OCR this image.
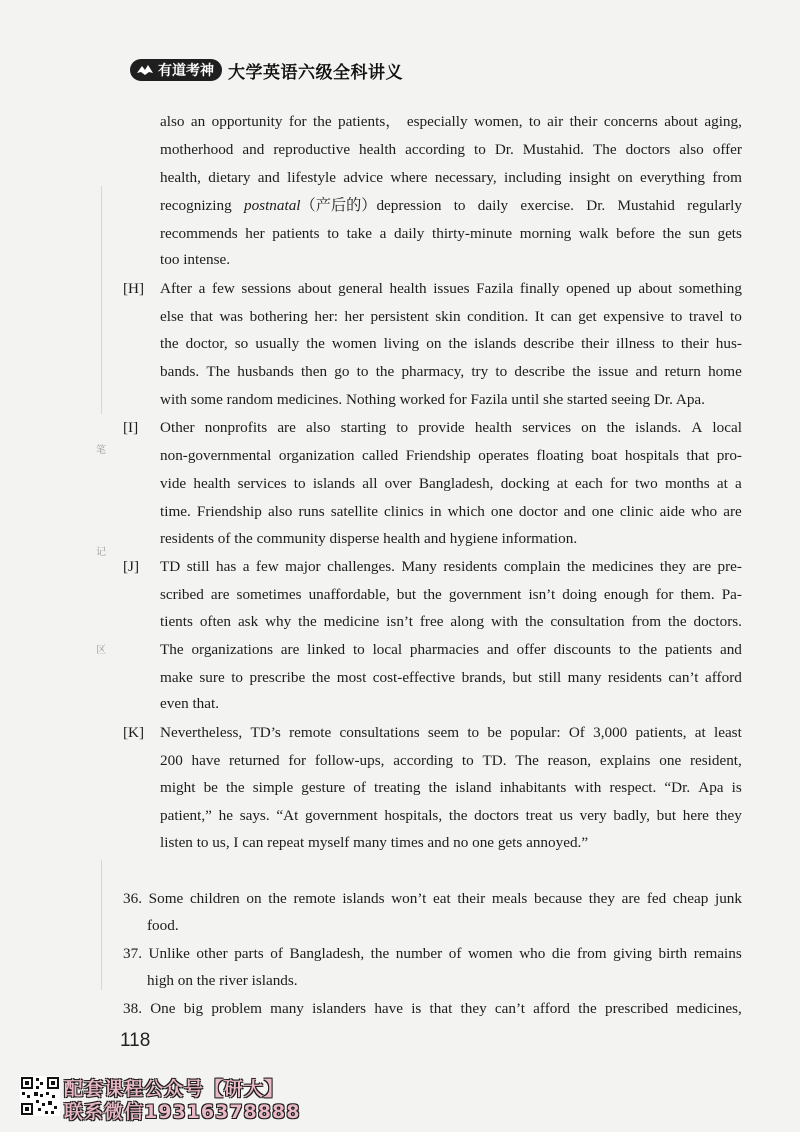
有道考神 大学英语六级全科讲义
笔
记
区
also an opportunity for the patients， especially women, to air their concerns about aging,
motherhood and reproductive health according to Dr. Mustahid. The doctors also offer
health, dietary and lifestyle advice where necessary, including insight on everything from
recognizing postnatal（产后的）depression to daily exercise. Dr. Mustahid regularly
recommends her patients to take a daily thirty-minute morning walk before the sun gets
too intense.
[H] After a few sessions about general health issues Fazila finally opened up about something
else that was bothering her: her persistent skin condition. It can get expensive to travel to
the doctor, so usually the women living on the islands describe their illness to their hus-
bands. The husbands then go to the pharmacy, try to describe the issue and return home
with some random medicines. Nothing worked for Fazila until she started seeing Dr. Apa.
[I] Other nonprofits are also starting to provide health services on the islands. A local
non-governmental organization called Friendship operates floating boat hospitals that pro-
vide health services to islands all over Bangladesh, docking at each for two months at a
time. Friendship also runs satellite clinics in which one doctor and one clinic aide who are
residents of the community disperse health and hygiene information.
[J] TD still has a few major challenges. Many residents complain the medicines they are pre-
scribed are sometimes unaffordable, but the government isn’t doing enough for them. Pa-
tients often ask why the medicine isn’t free along with the consultation from the doctors.
The organizations are linked to local pharmacies and offer discounts to the patients and
make sure to prescribe the most cost-effective brands, but still many residents can’t afford
even that.
[K] Nevertheless, TD’s remote consultations seem to be popular: Of 3,000 patients, at least
200 have returned for follow-ups, according to TD. The reason, explains one resident,
might be the simple gesture of treating the island inhabitants with respect. “Dr. Apa is
patient,” he says. “At government hospitals, the doctors treat us very badly, but here they
listen to us, I can repeat myself many times and no one gets annoyed.”
36. Some children on the remote islands won’t eat their meals because they are fed cheap junk
food.
37. Unlike other parts of Bangladesh, the number of women who die from giving birth remains
high on the river islands.
38. One big problem many islanders have is that they can’t afford the prescribed medicines,
118
配套课程公众号【研大】
联系微信19316378888
